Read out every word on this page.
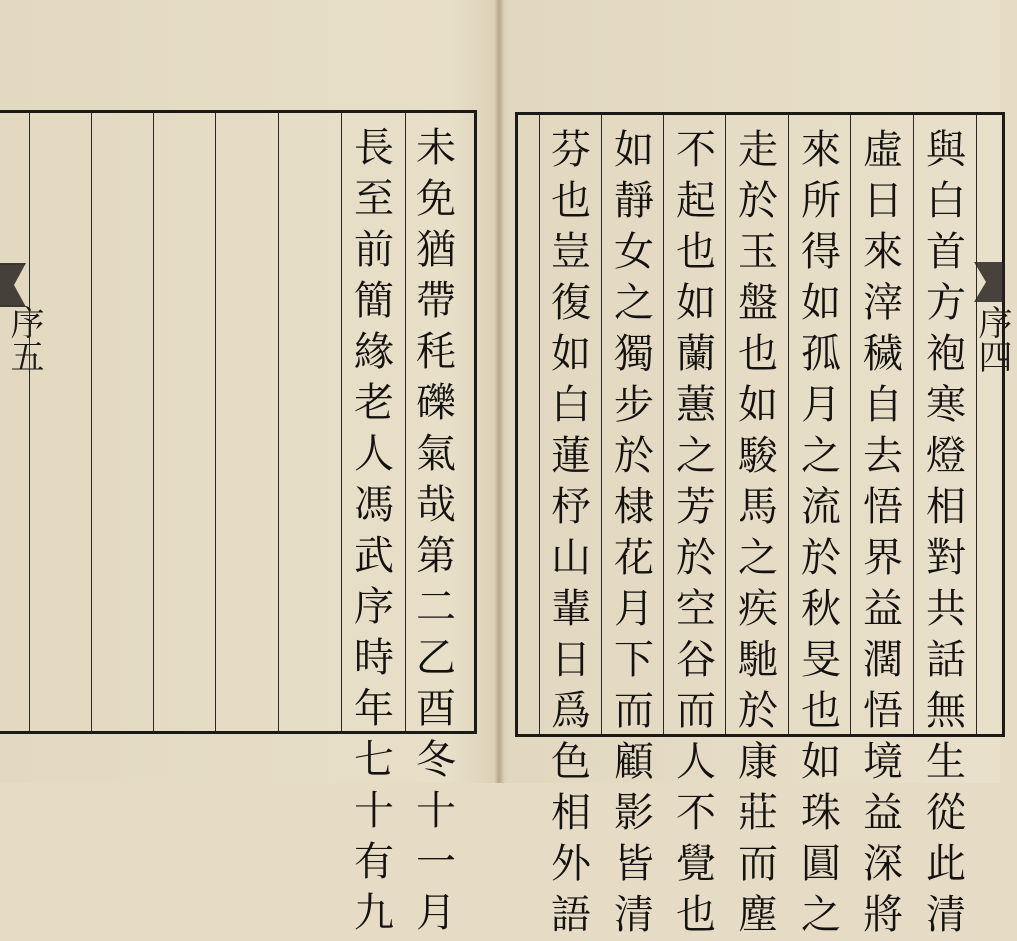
未
免
猶
帶
秏
礫
氣
哉
第
二
乙
酉
冬
十
一
月
長
至
前
簡
緣
老
人
馮
武
序
時
年
七
十
有
九
序五
與
白
首
方
袍
寒
燈
相
對
共
話
無
生
從
此
清
虛
日
來
滓
穢
自
去
悟
界
益
濶
悟
境
益
深
將
來
所
得
如
孤
月
之
流
於
秋
旻
也
如
珠
圓
之
走
於
玉
盤
也
如
駿
馬
之
疾
馳
於
康
莊
而
塵
不
起
也
如
蘭
蕙
之
芳
於
空
谷
而
人
不
覺
也
如
靜
女
之
獨
步
於
棣
花
月
下
而
顧
影
皆
清
芬
也
豈
復
如
白
蓮
杼
山
輩
日
爲
色
相
外
語
序四
